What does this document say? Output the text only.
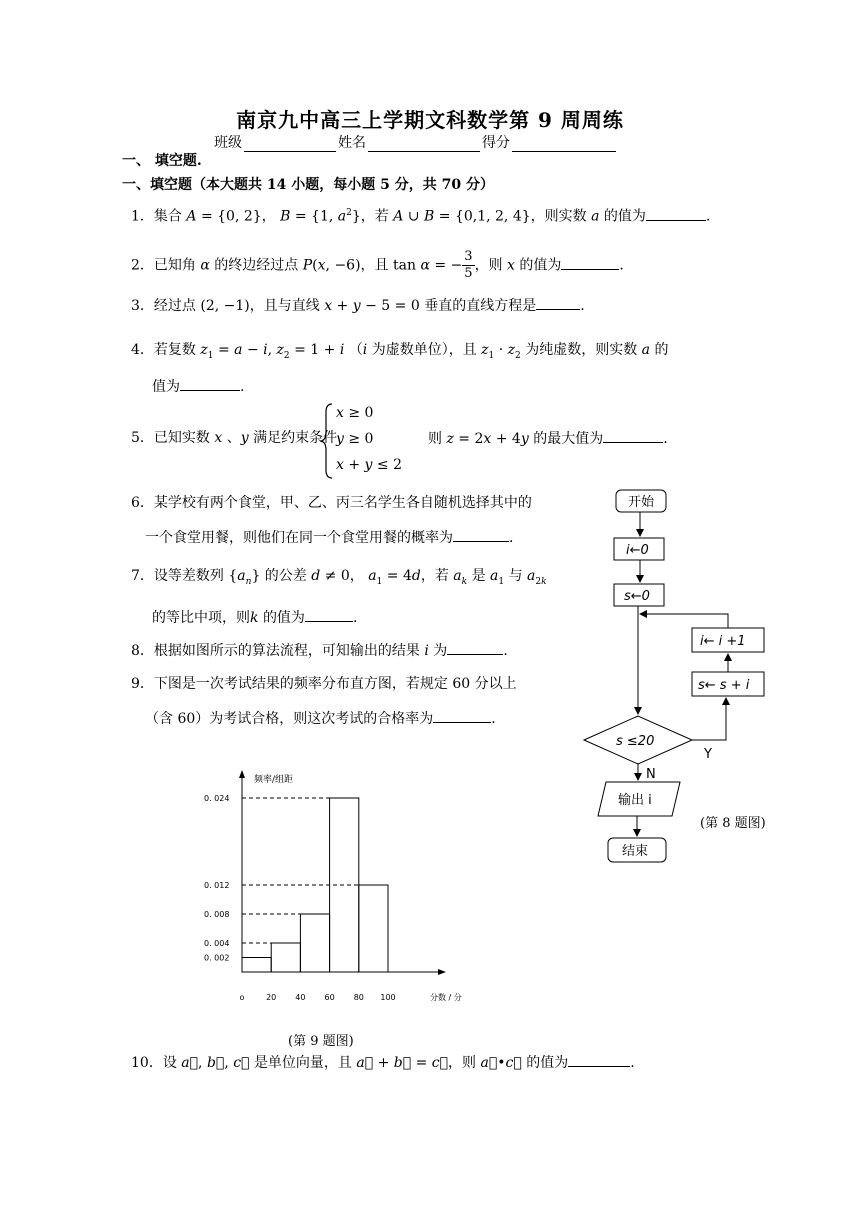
南京九中高三上学期文科数学第 9 周周练
班级	姓名	得分
一、 填空题.
一、填空题（本大题共 14 小题，每小题 5 分，共 70 分）
1．集合 A = {0, 2}， B = {1, $a^2$}，若 A ∪ B = {0,1, 2, 4}，则实数 a 的值为	.
2．已知角 α 的终边经过点 P(x, −6)，且 tan α = − $\frac{3}{5}$ ，则 x 的值为	.
3．经过点 (2, −1)，且与直线 x + y − 5 = 0 垂直的直线方程是	.
4．若复数 $z_1 = a - i$, $z_2 = 1 + i$ （i 为虚数单位），且 $z_1 \cdot z_2$ 为纯虚数，则实数 a 的
值为	.
5．已知实数 x 、y 满足约束条件
x ≥ 0
y ≥ 0
x + y ≤ 2
则 z = 2x + 4y 的最大值为	.
6．某学校有两个食堂，甲、乙、丙三名学生各自随机选择其中的
一个食堂用餐，则他们在同一个食堂用餐的概率为	.
7．设等差数列 $\{a_n\}$ 的公差 d ≠ 0， $a_1 = 4d$，若 $a_k$ 是 $a_1$ 与 $a_{2k}$
的等比中项，则k 的值为	.
8．根据如图所示的算法流程，可知输出的结果 i 为	.
9．下图是一次考试结果的频率分布直方图，若规定 60 分以上
（含 60）为考试合格，则这次考试的合格率为	.
开始
i←0
s←0
i← i +1
s← s + i
s ≤20
Y
N
输出 i
结束
(第 8 题图)
0. 002
0. 004
0. 008
0. 012
0. 024
20 40 60 80 100
o
频率/组距
分数 / 分
(第 9 题图)
10．设 a⃗, b⃗, c⃗ 是单位向量，且 a⃗ + b⃗ = c⃗，则 a⃗•c⃗ 的值为	.
